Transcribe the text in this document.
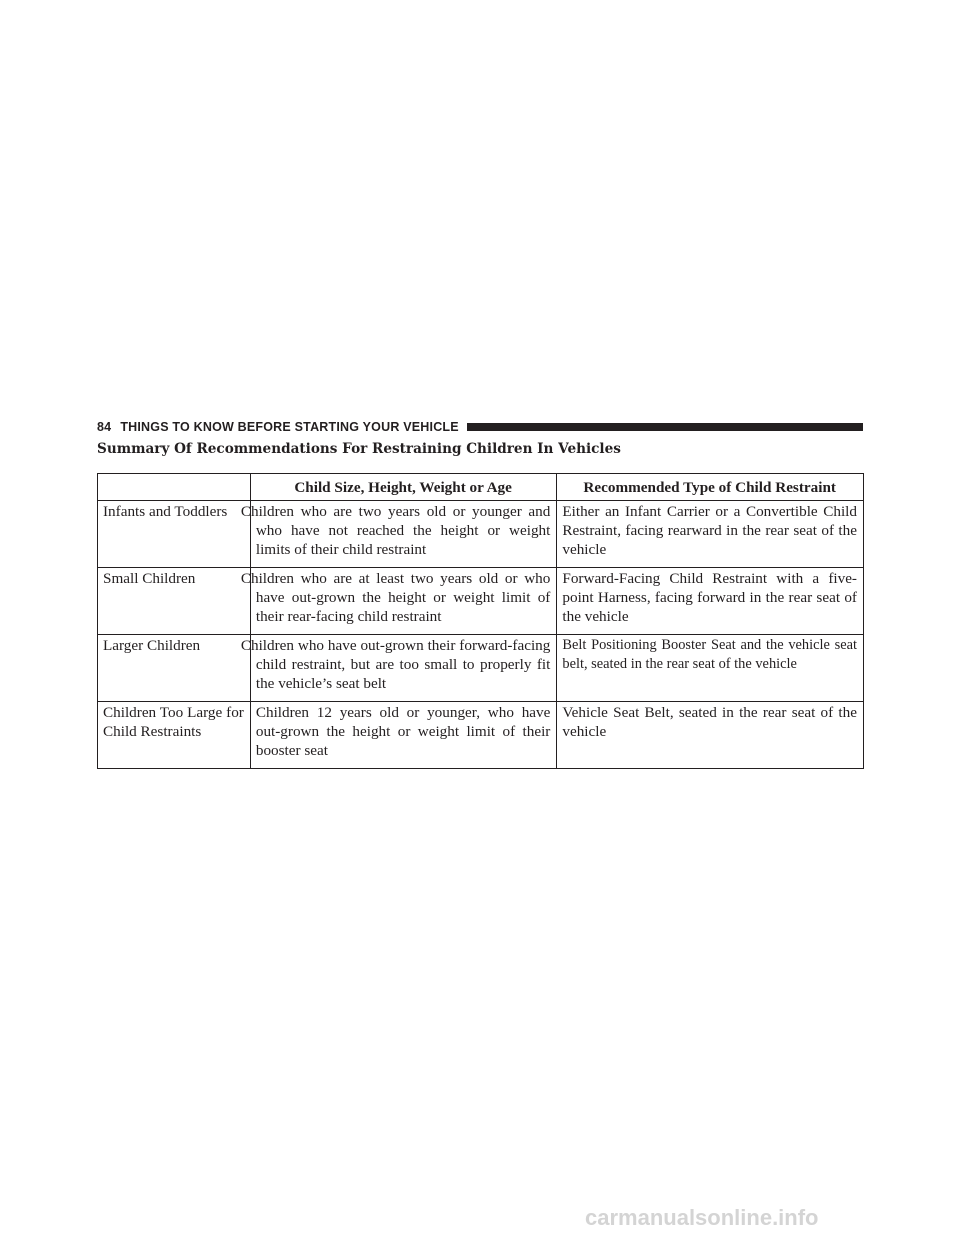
84 THINGS TO KNOW BEFORE STARTING YOUR VEHICLE
Summary Of Recommendations For Restraining Children In Vehicles
	Child Size, Height, Weight or Age	Recommended Type of Child Restraint
Infants and Toddlers	Children who are two years old or younger and who have not reached the height or weight limits of their child restraint	Either an Infant Carrier or a Convertible Child Restraint, facing rearward in the rear seat of the vehicle
Small Children	Children who are at least two years old or who have out-grown the height or weight limit of their rear-facing child restraint	Forward-Facing Child Restraint with a five-point Harness, facing forward in the rear seat of the vehicle
Larger Children	Children who have out-grown their forward-facing child restraint, but are too small to properly fit the vehicle’s seat belt	Belt Positioning Booster Seat and the vehicle seat belt, seated in the rear seat of the vehicle
Children Too Large for Child Restraints	Children 12 years old or younger, who have out-grown the height or weight limit of their booster seat	Vehicle Seat Belt, seated in the rear seat of the vehicle
carmanualsonline.info
